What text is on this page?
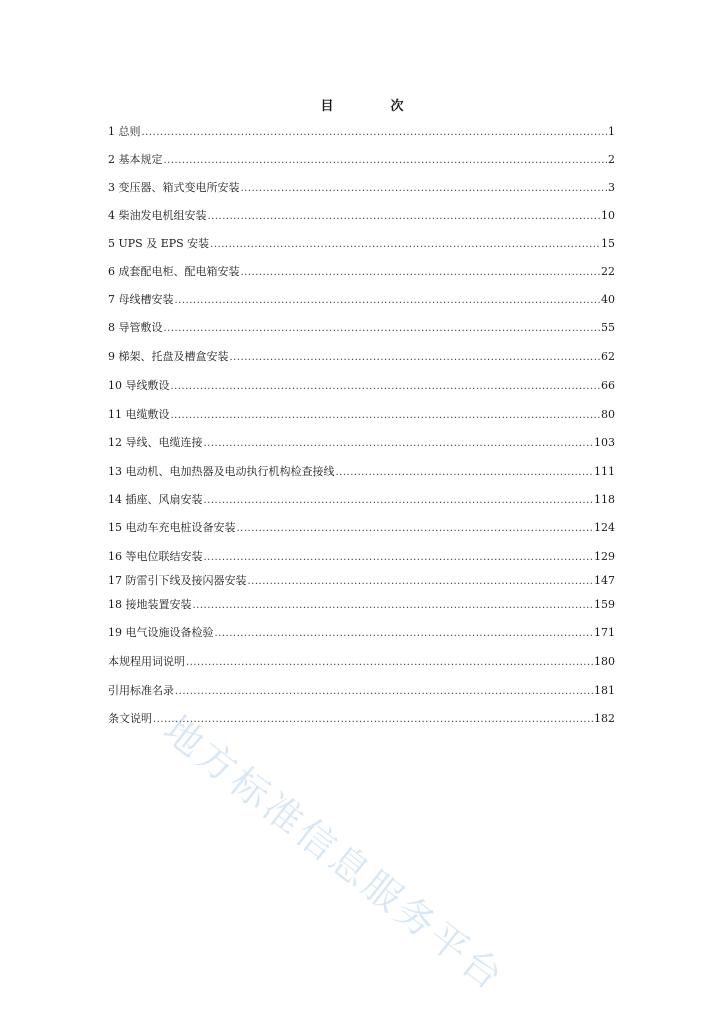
目　次
1 总则 .....	1
2 基本规定 .....	2
3 变压器、箱式变电所安装 .....	3
4 柴油发电机组安装 .....	10
5 UPS 及 EPS 安装 .....	15
6 成套配电柜、配电箱安装 .....	22
7 母线槽安装 .....	40
8 导管敷设 .....	55
9 梯架、托盘及槽盒安装 .....	62
10 导线敷设 .....	66
11 电缆敷设 .....	80
12 导线、电缆连接 .....	103
13 电动机、电加热器及电动执行机构检查接线 .....	111
14 插座、风扇安装 .....	118
15 电动车充电桩设备安装 .....	124
16 等电位联结安装 .....	129
17 防雷引下线及接闪器安装 .....	147
18 接地装置安装 .....	159
19 电气设施设备检验 .....	171
本规程用词说明 .....	180
引用标准名录 .....	181
条文说明 .....	182
地方标准信息服务平台
